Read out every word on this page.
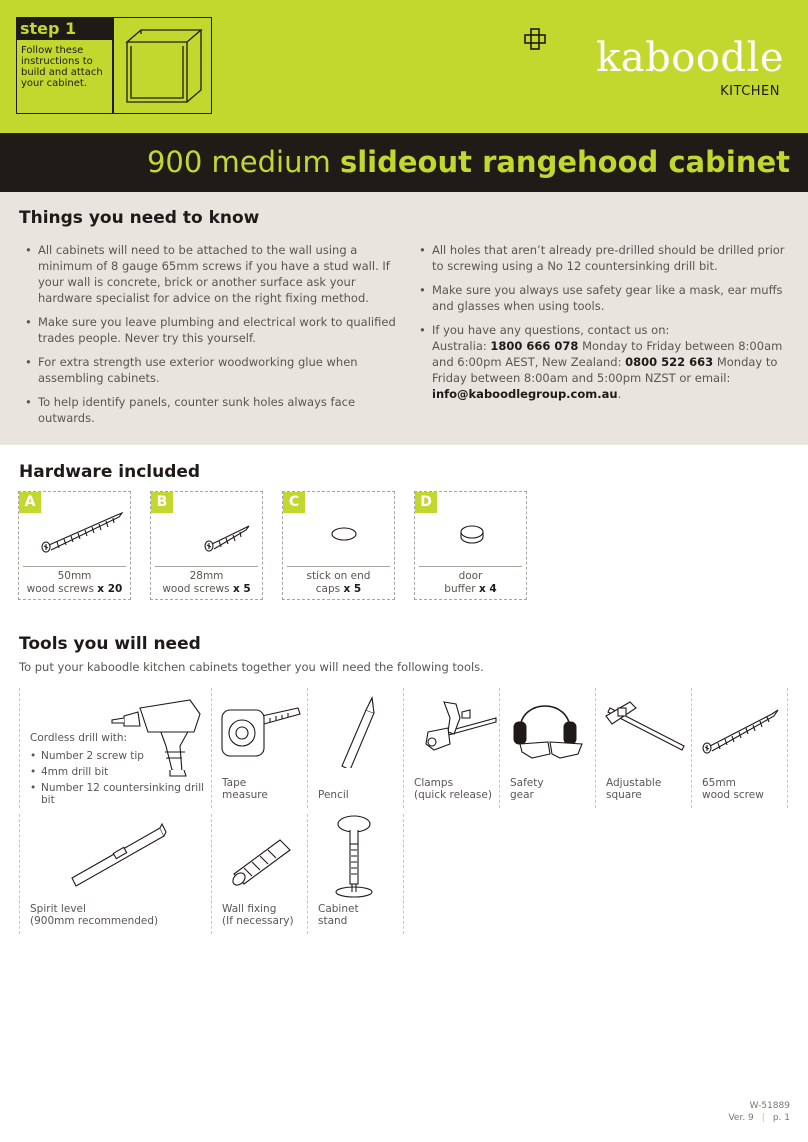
step 1
Follow these instructions to build and attach your cabinet.
kaboodle
KITCHEN
900 medium slideout rangehood cabinet
Things you need to know
• All cabinets will need to be attached to the wall using a minimum of 8 gauge 65mm screws if you have a stud wall. If your wall is concrete, brick or another surface ask your hardware specialist for advice on the right fixing method.
• Make sure you leave plumbing and electrical work to qualified trades people. Never try this yourself.
• For extra strength use exterior woodworking glue when assembling cabinets.
• To help identify panels, counter sunk holes always face outwards.
• All holes that aren’t already pre-drilled should be drilled prior to screwing using a No 12 countersinking drill bit.
• Make sure you always use safety gear like a mask, ear muffs and glasses when using tools.
• If you have any questions, contact us on:
Australia: 1800 666 078 Monday to Friday between 8:00am and 6:00pm AEST, New Zealand: 0800 522 663 Monday to Friday between 8:00am and 5:00pm NZST or email: info@kaboodlegroup.com.au.
Hardware included
A
50mm
wood screws x 20
B
28mm
wood screws x 5
C
stick on end
caps x 5
D
door
buffer x 4
Tools you will need
To put your kaboodle kitchen cabinets together you will need the following tools.
Cordless drill with:
• Number 2 screw tip
• 4mm drill bit
• Number 12 countersinking drill bit
Tape
measure	Pencil
Clamps
(quick release)
Safety
gear
Adjustable
square
65mm
wood screw
Spirit level
(900mm recommended)
Wall fixing
(If necessary)
Cabinet
stand
W-51889
Ver. 9 | p. 1
